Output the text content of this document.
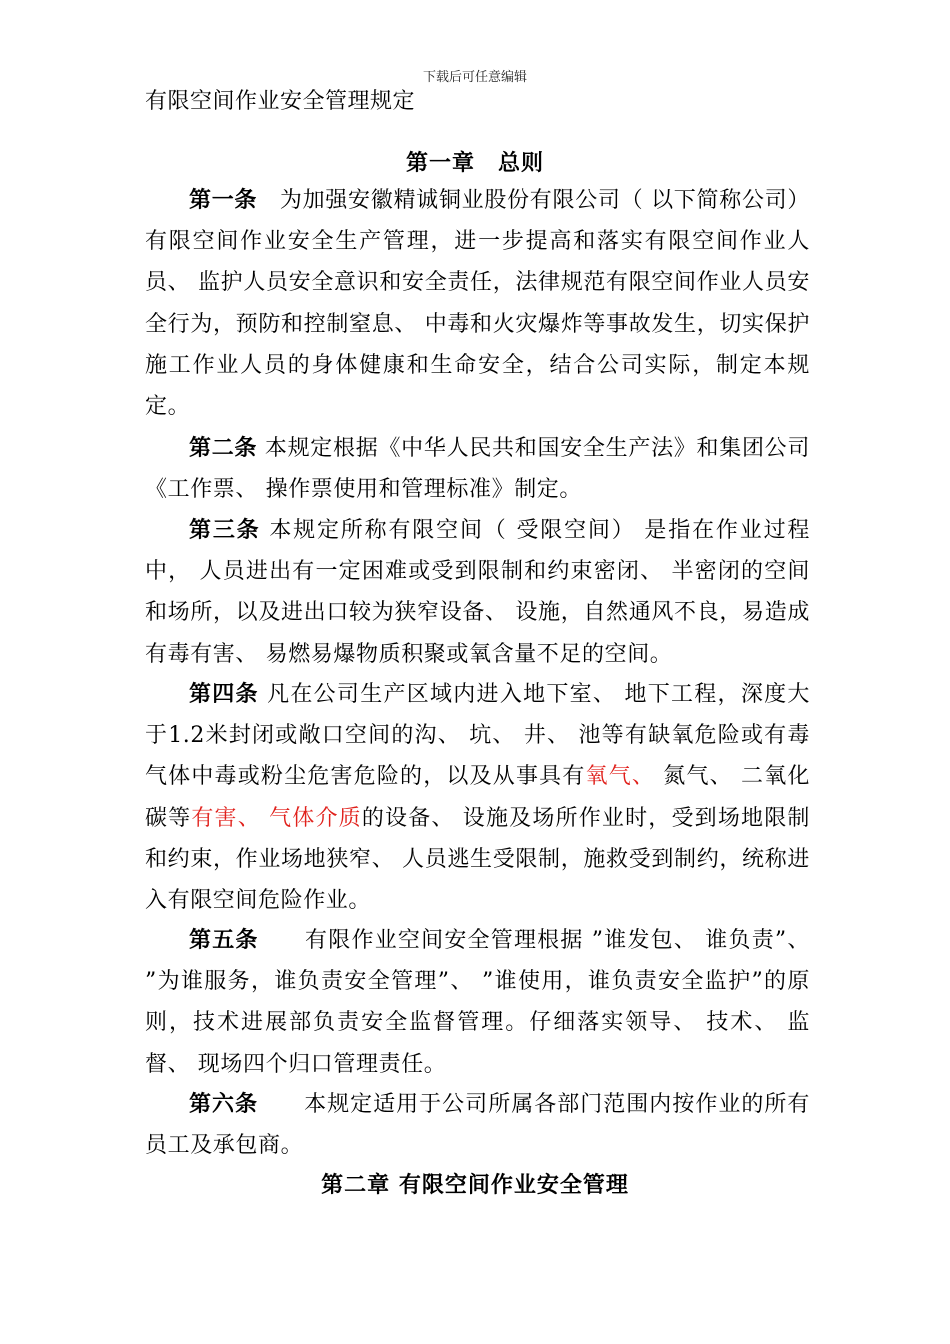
下载后可任意编辑
有限空间作业安全管理规定
第一章　总则
第一条　为加强安徽精诚铜业股份有限公司（ 以下简称公司）有限空间作业安全生产管理，进一步提高和落实有限空间作业人员、 监护人员安全意识和安全责任，法律规范有限空间作业人员安全行为，预防和控制窒息、 中毒和火灾爆炸等事故发生，切实保护施工作业人员的身体健康和生命安全，结合公司实际，制定本规定。
第二条 本规定根据《中华人民共和国安全生产法》和集团公司《工作票、 操作票使用和管理标准》制定。
第三条 本规定所称有限空间（ 受限空间） 是指在作业过程中， 人员进出有一定困难或受到限制和约束密闭、 半密闭的空间和场所，以及进出口较为狭窄设备、 设施，自然通风不良，易造成有毒有害、 易燃易爆物质积聚或氧含量不足的空间。
第四条 凡在公司生产区域内进入地下室、 地下工程，深度大于1.2米封闭或敞口空间的沟、 坑、 井、 池等有缺氧危险或有毒气体中毒或粉尘危害危险的，以及从事具有氧气、 氮气、 二氧化碳等有害、 气体介质的设备、 设施及场所作业时，受到场地限制和约束，作业场地狭窄、 人员逃生受限制，施救受到制约，统称进入有限空间危险作业。
第五条　　有限作业空间安全管理根据 ”谁发包、 谁负责”、 ”为谁服务，谁负责安全管理”、 ”谁使用，谁负责安全监护”的原则，技术进展部负责安全监督管理。仔细落实领导、 技术、 监督、 现场四个归口管理责任。
第六条　　本规定适用于公司所属各部门范围内按作业的所有员工及承包商。
第二章 有限空间作业安全管理
